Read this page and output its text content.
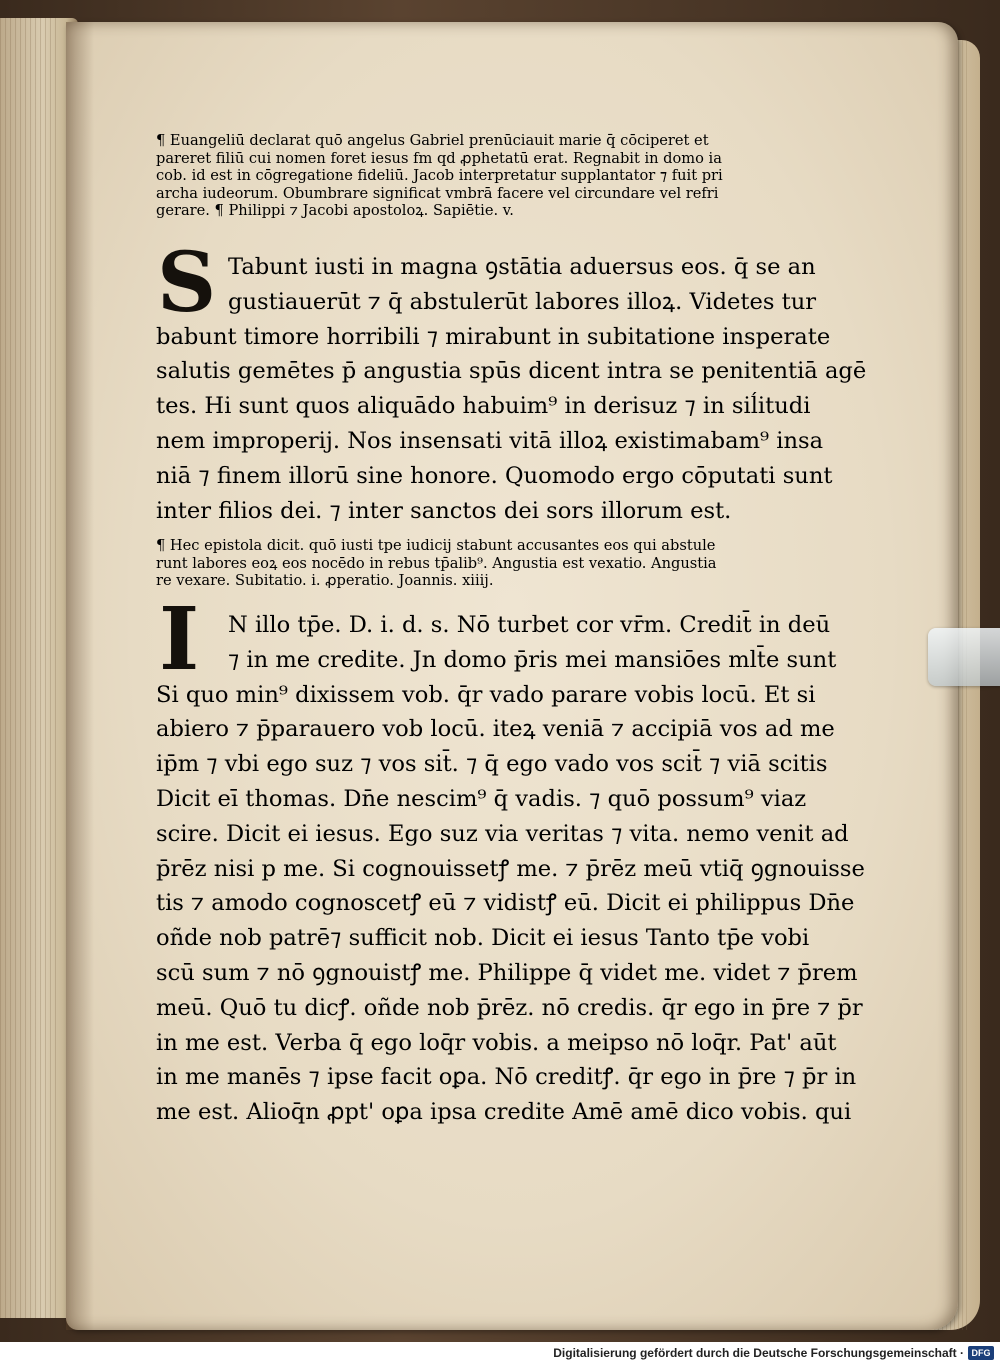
¶ Euangeliū declarat quō angelus Gabriel prenūciauit marie q̄ cōciperet et
pareret filiū cui nomen foret iesus fm qd ꝓphetatū erat. Regnabit in domo ia
cob. id est in cōgregatione fideliū. Jacob interpretatur supplantator ⁊ fuit pri
archa iudeorum. Obumbrare significat vmbrā facere vel circundare vel refri
gerare. ¶ Philippi ⁊ Jacobi apostoloꝝ. Sapiētie. v.
S Tabunt iusti in magna ꝯstātia aduersus eos. q̄ se an
gustiauerūt ⁊ q̄ abstulerūt labores illoꝝ. Videtes tur
babunt timore horribili ⁊ mirabunt in subitatione insperate
salutis gemētes p̄ angustia spūs dicent intra se penitentiā agē
tes. Hi sunt quos aliquādo habuim⁹ in derisuz ⁊ in siĺitudi
nem improperij. Nos insensati vitā illoꝝ existimabam⁹ insa
niā ⁊ finem illorū sine honore. Quomodo ergo cōputati sunt
inter filios dei. ⁊ inter sanctos dei sors illorum est.
¶ Hec epistola dicit. quō iusti tpe iudicij stabunt accusantes eos qui abstule
runt labores eoꝝ eos nocēdo in rebus tp̄alib⁹. Angustia est vexatio. Angustia
re vexare. Subitatio. i. ꝓperatio. Joannis. xiiij.
I	N illo tp̄e. D. i. d. s. Nō turbet cor vr̄m. Credit̄ in deū
⁊ in me credite. Jn domo p̄ris mei mansiōes mlt̄e sunt
Si quo min⁹ dixissem vob. q̄r vado parare vobis locū. Et si
abiero ⁊ p̄parauero vob locū. iteꝝ veniā ⁊ accipiā vos ad me
ip̄m ⁊ vbi ego suz ⁊ vos sit̄. ⁊ q̄ ego vado vos scit̄ ⁊ viā scitis
Dicit eī thomas. Dn̄e nescim⁹ q̄ vadis. ⁊ quō possum⁹ viaz
scire. Dicit ei iesus. Ego suz via veritas ⁊ vita. nemo venit ad
p̄rēz nisi p me. Si cognouissetꝭ me. ⁊ p̄rēz meū vtiq̄ ꝯgnouisse
tis ⁊ amodo cognoscetꝭ eū ⁊ vidistꝭ eū. Dicit ei philippus Dn̄e
oñde nob patrē⁊ sufficit nob. Dicit ei iesus Tanto tp̄e vobi
scū sum ⁊ nō ꝯgnouistꝭ me. Philippe q̄ videt me. videt ⁊ p̄rem
meū. Quō tu dicꝭ. oñde nob p̄rēz. nō credis. q̄r ego in p̄re ⁊ p̄r
in me est. Verba q̄ ego loq̄r vobis. a meipso nō loq̄r. Pat' aūt
in me manēs ⁊ ipse facit oꝑa. Nō creditꝭ. q̄r ego in p̄re ⁊ p̄r in
me est. Alioq̄n ꝓpt' oꝑa ipsa credite Amē amē dico vobis. qui
Digitalisierung gefördert durch die Deutsche Forschungsgemeinschaft · DFG
